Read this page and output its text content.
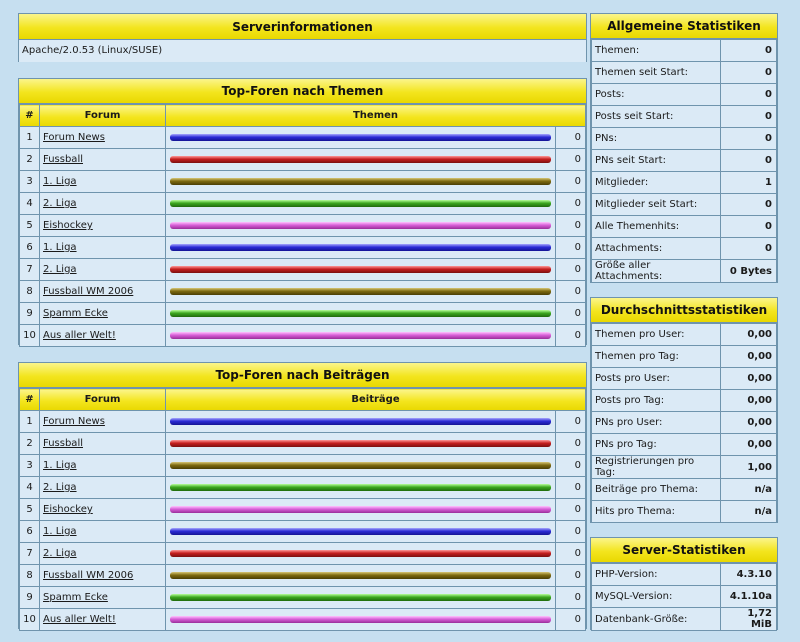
Serverinformationen
Apache/2.0.53 (Linux/SUSE)
Top-Foren nach Themen
#	Forum	Themen	
1	Forum News		0
2	Fussball		0
3	1. Liga		0
4	2. Liga		0
5	Eishockey		0
6	1. Liga		0
7	2. Liga		0
8	Fussball WM 2006		0
9	Spamm Ecke		0
10	Aus aller Welt!		0
Top-Foren nach Beiträgen
#	Forum	Beiträge	
1	Forum News		0
2	Fussball		0
3	1. Liga		0
4	2. Liga		0
5	Eishockey		0
6	1. Liga		0
7	2. Liga		0
8	Fussball WM 2006		0
9	Spamm Ecke		0
10	Aus aller Welt!		0
Allgemeine Statistiken
Themen:	0
Themen seit Start:	0
Posts:	0
Posts seit Start:	0
PNs:	0
PNs seit Start:	0
Mitglieder:	1
Mitglieder seit Start:	0
Alle Themenhits:	0
Attachments:	0
Größe aller Attachments:	0 Bytes
Durchschnittsstatistiken
Themen pro User:	0,00
Themen pro Tag:	0,00
Posts pro User:	0,00
Posts pro Tag:	0,00
PNs pro User:	0,00
PNs pro Tag:	0,00
Registrierungen pro Tag:	1,00
Beiträge pro Thema:	n/a
Hits pro Thema:	n/a
Server-Statistiken
PHP-Version:	4.3.10
MySQL-Version:	4.1.10a
Datenbank-Größe:	1,72 MiB
